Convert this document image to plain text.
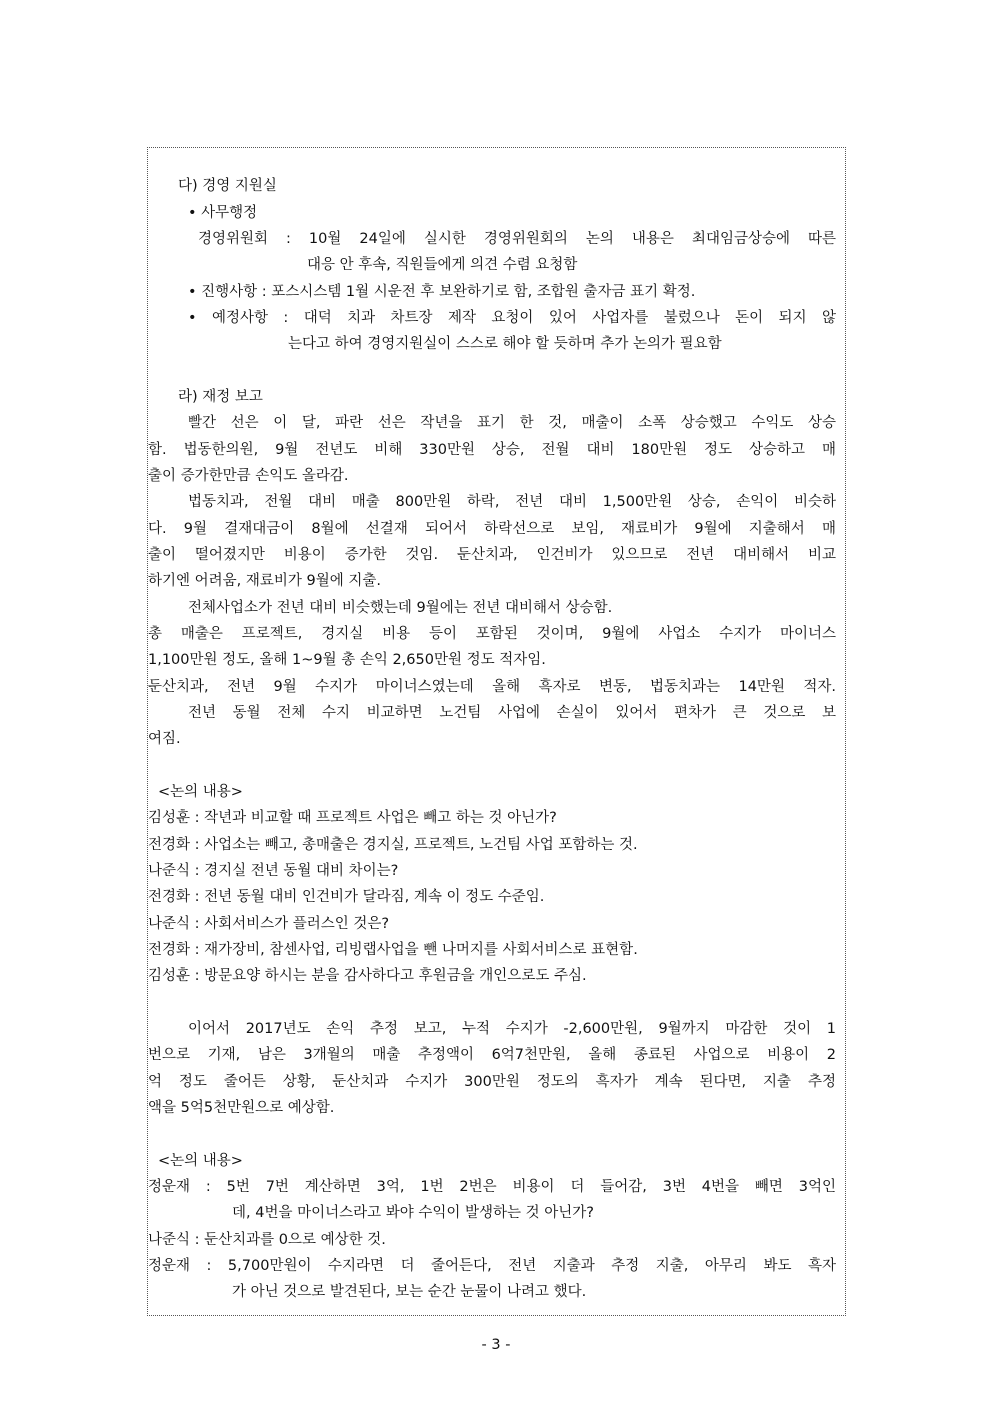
다) 경영 지원실
• 사무행정
경영위원회 : 10월 24일에 실시한 경영위원회의 논의 내용은 최대임금상승에 따른
대응 안 후속, 직원들에게 의견 수렴 요청함
• 진행사항 : 포스시스템 1월 시운전 후 보완하기로 함, 조합원 출자금 표기 확정.
• 예정사항 : 대덕 치과 차트장 제작 요청이 있어 사업자를 불렀으나 돈이 되지 않
는다고 하여 경영지원실이 스스로 해야 할 듯하며 추가 논의가 필요함
라) 재정 보고
빨간 선은 이 달, 파란 선은 작년을 표기 한 것, 매출이 소폭 상승했고 수익도 상승
함. 법동한의원, 9월 전년도 비해 330만원 상승, 전월 대비 180만원 정도 상승하고 매
출이 증가한만큼 손익도 올라감.
법동치과, 전월 대비 매출 800만원 하락, 전년 대비 1,500만원 상승, 손익이 비슷하
다. 9월 결재대금이 8월에 선결재 되어서 하락선으로 보임, 재료비가 9월에 지출해서 매
출이 떨어졌지만 비용이 증가한 것임. 둔산치과, 인건비가 있으므로 전년 대비해서 비교
하기엔 어려움, 재료비가 9월에 지출.
전체사업소가 전년 대비 비슷했는데 9월에는 전년 대비해서 상승함.
총 매출은 프로젝트, 경지실 비용 등이 포함된 것이며, 9월에 사업소 수지가 마이너스
1,100만원 정도, 올해 1~9월 총 손익 2,650만원 정도 적자임.
둔산치과, 전년 9월 수지가 마이너스였는데 올해 흑자로 변동, 법동치과는 14만원 적자.
전년 동월 전체 수지 비교하면 노건팀 사업에 손실이 있어서 편차가 큰 것으로 보
여짐.
<논의 내용>
김성훈 : 작년과 비교할 때 프로젝트 사업은 빼고 하는 것 아닌가?
전경화 : 사업소는 빼고, 총매출은 경지실, 프로젝트, 노건팀 사업 포함하는 것.
나준식 : 경지실 전년 동월 대비 차이는?
전경화 : 전년 동월 대비 인건비가 달라짐, 계속 이 정도 수준임.
나준식 : 사회서비스가 플러스인 것은?
전경화 : 재가장비, 참센사업, 리빙랩사업을 뺀 나머지를 사회서비스로 표현함.
김성훈 : 방문요양 하시는 분을 감사하다고 후원금을 개인으로도 주심.
이어서 2017년도 손익 추정 보고, 누적 수지가 -2,600만원, 9월까지 마감한 것이 1
번으로 기재, 남은 3개월의 매출 추정액이 6억7천만원, 올해 종료된 사업으로 비용이 2
억 정도 줄어든 상황, 둔산치과 수지가 300만원 정도의 흑자가 계속 된다면, 지출 추정
액을 5억5천만원으로 예상함.
<논의 내용>
정운재 : 5번 7번 계산하면 3억, 1번 2번은 비용이 더 들어감, 3번 4번을 빼면 3억인
데, 4번을 마이너스라고 봐야 수익이 발생하는 것 아닌가?
나준식 : 둔산치과를 0으로 예상한 것.
정운재 : 5,700만원이 수지라면 더 줄어든다, 전년 지출과 추정 지출, 아무리 봐도 흑자
가 아닌 것으로 발견된다, 보는 순간 눈물이 나려고 했다.
- 3 -
